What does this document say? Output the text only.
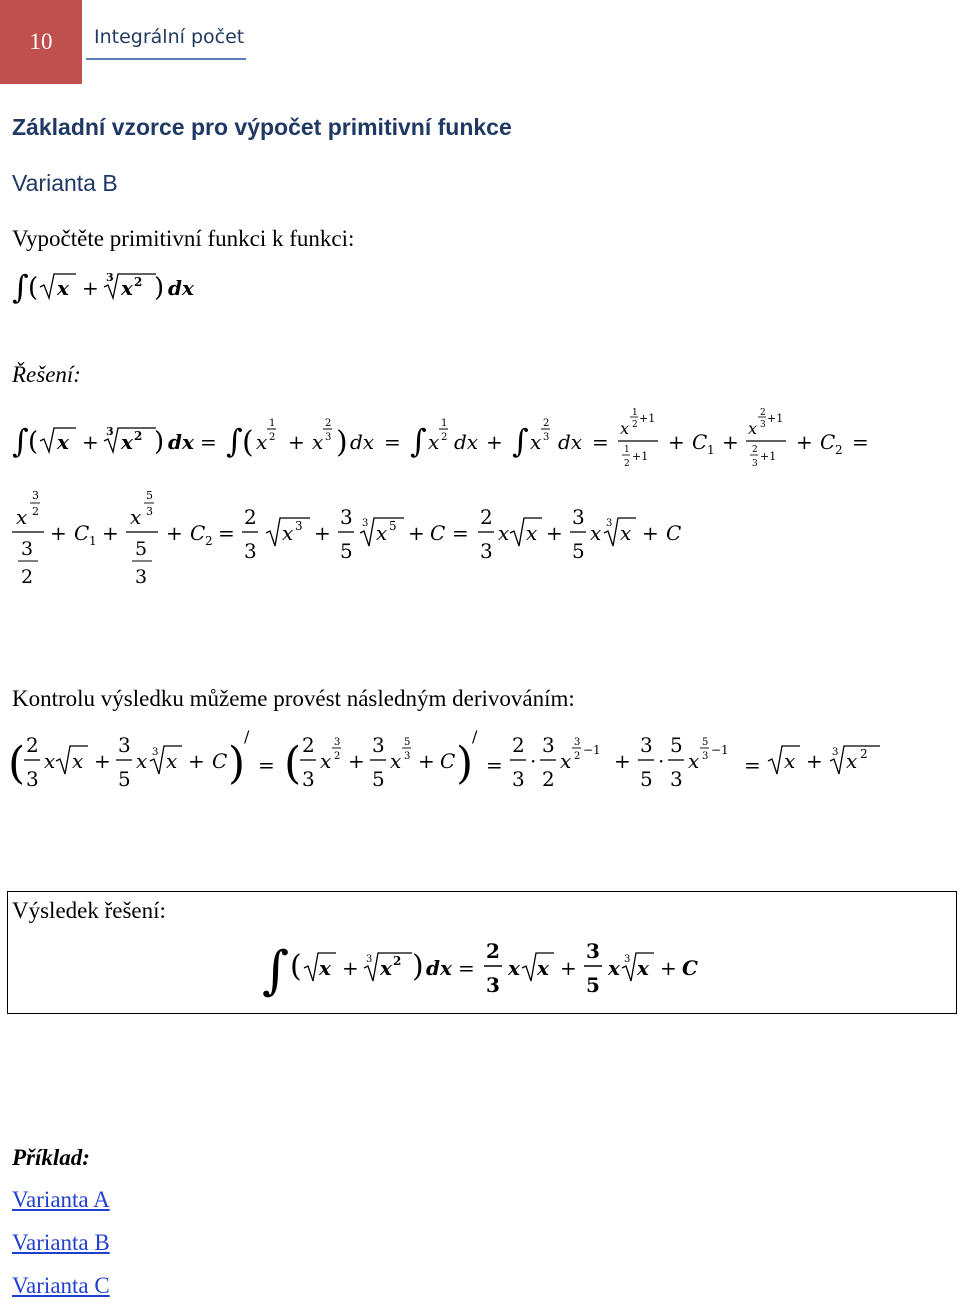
10	Integrální počet
Základní vzorce pro výpočet primitivní funkce
Varianta B
Vypočtěte primitivní funkci k funkci:
∫ ( x + 3 x 2 ) dx
Řešení:
∫ ( x + 3 x 2 ) dx = ∫ ( x
1
2 + x
2
3 ) dx = ∫ x
1
2 dx + ∫ x
2
3 dx =
x
1
2 +1
1
2
+1
+ C 1 +
x
2
3 +1
2
3
+1
+ C 2 =
x
3
2
3
2
+ C 1 +
x
5
3
5
3
+ C 2 =
2
3
x 3 +
3
5
3 x 5 + C =
2
3
x x +
3
5
x 3 x + C
Kontrolu výsledku můžeme provést následným derivováním:
( 2
3
x x +
3
5
x 3 x + C )
/
= ( 2
3
x
3
2 +
3
5
x
5
3 + C )
/
=
2
3
·
3
2
x
3
2 −1 +
3
5
·
5
3
x
5
3 −1
= x + 3 x 2
Výsledek řešení:
∫ ( x + 3 x 2 ) dx =
2
3
x x +
3
5
x 3 x + C
Příklad:
Varianta A
Varianta B
Varianta C
